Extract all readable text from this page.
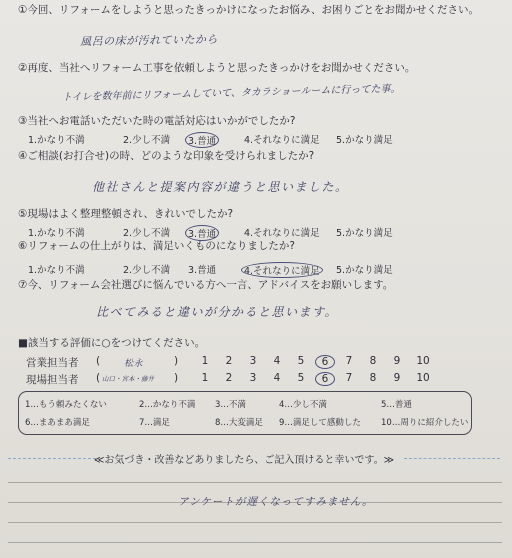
①今回、リフォームをしようと思ったきっかけになったお悩み、お困りごとをお聞かせください。
風呂の床が汚れていたから
②再度、当社へリフォーム工事を依頼しようと思ったきっかけをお聞かせください。
トイレを数年前にリフォームしていて、タカラショールームに行ってた事。
③当社へお電話いただいた時の電話対応はいかがでしたか?
1.かなり不満	2.少し不満	3.普通	4.それなりに満足 5.かなり満足
④ご相談(お打合せ)の時、どのような印象を受けられましたか?
他社さんと提案内容が違うと思いました。
⑤現場はよく整理整頓され、きれいでしたか?
1.かなり不満	2.少し不満	3.普通	4.それなりに満足 5.かなり満足
⑥リフォームの仕上がりは、満足いくものになりましたか?
1.かなり不満	2.少し不満 3.普通	4.それなりに満足	5.かなり満足
⑦今、リフォーム会社選びに悩んでいる方へ一言、アドバイスをお願いします。
比べてみると違いが分かると思います。
■該当する評価に○をつけてください。
営業担当者 (	松永	)	1	2	3	4	5	6	7	8	9	10
現場担当者 ( 山口・宮本・藤井 )	1	2	3	4	5	6	7	8	9	10
1…もう頼みたくない	2…かなり不満 3…不満	4…少し不満	5…普通
6…まあまあ満足	7…満足	8…大変満足 9…満足して感動した 10…周りに紹介したい
≪お気づき・改善などありましたら、ご記入頂けると幸いです。≫
アンケートが遅くなってすみません。
